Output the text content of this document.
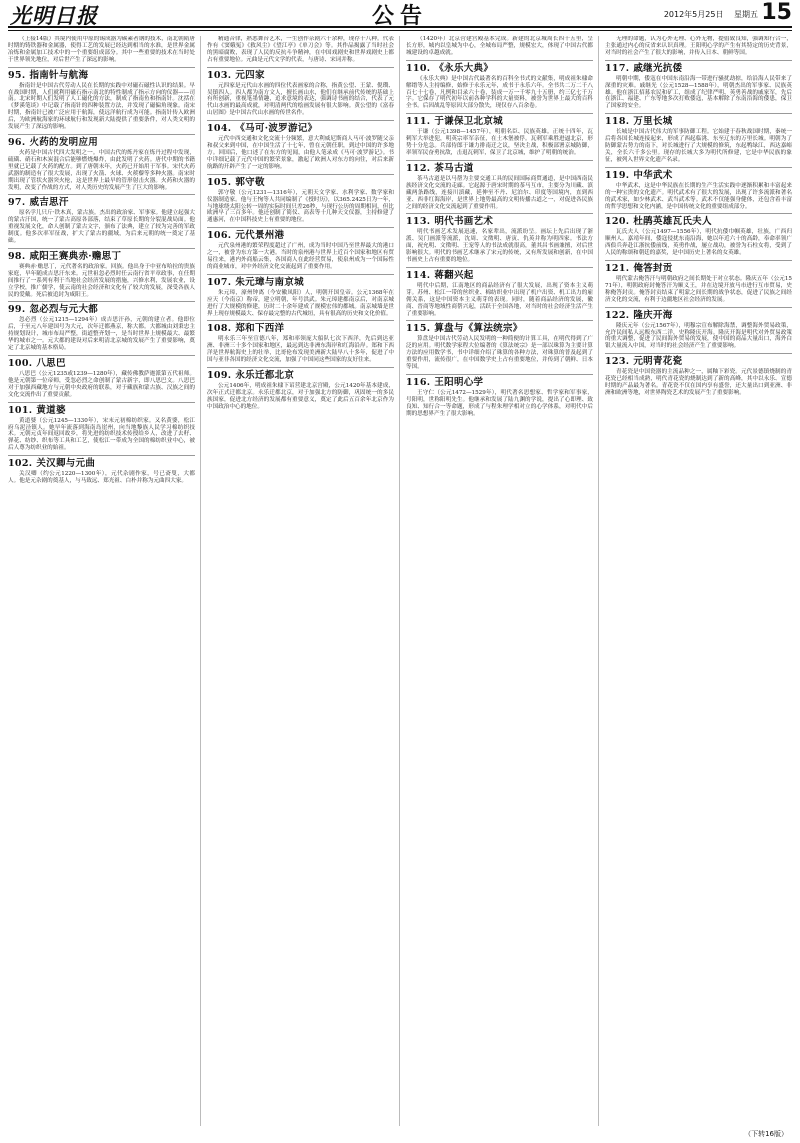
光明日报	公告	2012年5月25日 星期五 15

（上接14版）其境内使用中原的锡成器为碳素者钢的技术，南北朝隋唐时期的铸铁器和金属器，使得工艺的发展已经达到相当的水准，是世界金属冶炼和金属加工技术中的一个重要组成部分。其中一些重要的技术在当时处于世界领先地位，对后世产生了深远的影响。

95. 指南针与航海

指南针是中国古代劳动人民在长期的实践中对磁石磁性认识的结果。早在战国时期，人们就利用磁石指示南北的特性制成了指示方向的仪器——司南。北宋时期人们发明了人工磁化的方法，制成了指南鱼和指南针。沈括在《梦溪笔谈》中记载了指南针的四种装置方法，并发现了磁偏角现象。南宋时期，指南针已被广泛应用于航海，使远洋航行成为可能。指南针传入欧洲后，为欧洲航海家的环球航行和发现新大陆提供了重要条件，对人类文明的发展产生了深远的影响。

96. 火药的发明应用

火药是中国古代四大发明之一。中国古代的炼丹家在炼丹过程中发现，硫磺、硝石和木炭混合后能够燃烧爆炸，由此发明了火药。唐代中期的书籍里就已记载了火药的配方。到了唐朝末年，火药已开始用于军事。宋代火药武器的制造有了很大发展，出现了火箭、火球、火蒺藜等多种火器。南宋时期出现了管状火器突火枪，这是世界上最早的管形射击火器。火药和火器的发明，改变了作战的方式，对人类历史的发展产生了巨大的影响。

97. 威吉思汗

原名孛儿只斤·铁木真，蒙古族。杰出的政治家、军事家。他建立起强大的蒙古汗国，统一了蒙古高原各部落，结束了草原长期的分裂混战局面。他重视发展文化，命人创制了蒙古文字，颁布了法典，建立了较为完善的军政制度。他多次率军征战，扩大了蒙古的疆域，为后来元朝的统一奠定了基础。

98. 咸阳王赛典赤·赡思丁

赛典赤·赡思丁，元代著名的政治家。回族。他出身于中亚布哈拉的贵族家庭，早年随成吉思汗东来。元世祖忽必烈时任云南行省平章政事，在任期间推行了一系列有利于当地社会经济发展的措施，兴修水利，发展农业，设立学校，推广儒学，使云南的社会经济和文化有了较大的发展，深受各族人民的爱戴。死后被追封为咸阳王。

99. 忽必烈与元大都

忽必烈（公元1215—1294年）成吉思汗孙，元朝的建立者。他即位后，于至元八年建国号为大元，次年迁都燕京，称大都。大都城由刘秉忠主持规划设计，城市布局严整，街道整齐划一，是当时世界上规模最大、最繁华的城市之一。元大都的建设对后来明清北京城的发展产生了重要影响，奠定了北京城的基本格局。

100. 八思巴

八思巴（公元1235或1239—1280年），藏传佛教萨迦派第五代祖师。他是元朝第一位帝师，受忽必烈之命创制了蒙古新字，即八思巴文。八思巴对于加强西藏地方与元朝中央政府的联系，对于藏族和蒙古族、汉族之间的文化交流作出了重要贡献。

101. 黄道婆

黄道婆（公元1245—1330年），宋末元初棉纺织家。又名黄婆，松江府乌泥泾镇人。她早年流落到海南岛崖州，向当地黎族人民学习棉纺织技术。元朝元贞年间返回故乡，将先进的纺织技术传授给乡人，改进了去籽、弹花、纺纱、织布等工具和工艺，使松江一带成为全国的棉纺织业中心，被后人尊为纺织业的始祖。

102. 关汉卿与元曲

关汉卿（约公元1220—1300年），元代杂剧作家，号已斋叟，大都人。他是元杂剧的奠基人，与马致远、郑光祖、白朴并称为元曲四大家。

精通音律，熟悉舞台艺术，一生创作杂剧六十余种，现存十八种。代表作有《窦娥冤》《救风尘》《望江亭》《单刀会》等。其作品揭露了当时社会的黑暗腐败，表现了人民的反抗斗争精神，在中国戏剧史和世界戏剧史上都占有重要地位。元曲是元代文学的代表，与唐诗、宋词并称。

103. 元四家

元四家是元代山水画的四位代表画家的合称，指黄公望、王蒙、倪瓒、吴镇四人。四人都为南方文人，擅长画山水，他们在继承前代传统的基础上有所创新，重视笔墨情趣，追求意境的表达，强调诗书画的结合，代表了元代山水画的最高成就，对明清两代的绘画发展有很大影响。黄公望的《富春山居图》是中国古代山水画的传世名作。

104. 《马可·波罗游记》

元代中西交通和文化交流十分频繁，意大利威尼斯商人马可·波罗随父亲和叔父来到中国，在中国生活了十七年，曾在元朝任职，到过中国的许多地方。回国后，他口述了在东方的见闻，由他人笔录成《马可·波罗游记》。书中详细记载了元代中国的繁荣景象，激起了欧洲人对东方的向往，对后来新航路的开辟产生了一定的影响。

105. 郭守敬

郭守敬（公元1231—1316年），元朝天文学家、水利学家、数学家和仪器制造家。他与王恂等人共同编制了《授时历》，以365.2425日为一年，与地球绕太阳公转一周的实际时间只差26秒，与现行公历的周期相同，但比欧洲早了三百多年。他还创制了简仪、高表等十几种天文仪器，主持修建了通惠河，在中国科技史上有重要的地位。

106. 元代景州港

元代泉州港的繁荣程度超过了广州，成为当时中国乃至世界最大的港口之一，被誉为东方第一大港。当时的泉州港与世界上近百个国家和地区有贸易往来，港内外商船云集，各国商人在此经营贸易，使泉州成为一个国际性的商业城市，对中外经济文化交流起到了重要作用。

107. 朱元璋与南京城

朱元璋，濠州钟离（今安徽凤阳）人，明朝开国皇帝。公元1368年在应天（今南京）称帝，建立明朝，年号洪武。朱元璋建都南京后，对南京城进行了大规模的修建，历时二十余年建成了规模宏伟的都城。南京城墙是世界上现存规模最大、保存最完整的古代城垣，具有很高的历史和文化价值。

108. 郑和下西洋

明永乐三年至宣德八年，郑和率领庞大船队七次下西洋，先后到达亚洲、非洲三十多个国家和地区，最远到达非洲东海岸和红海沿岸。郑和下西洋是世界航海史上的壮举，比哥伦布发现美洲新大陆早八十多年，促进了中国与亚非各国的经济文化交流，加强了中国同这些国家的友好往来。

109. 永乐迁都北京

公元1406年，明成祖朱棣下诏营建北京宫殿，公元1420年基本建成，次年正式迁都北京。永乐迁都北京，对于加强北方的防御，巩固统一的多民族国家，促进北方经济的发展都有重要意义，奠定了此后五百余年北京作为中国政治中心的地位。

（1420年）北京营建宫殿基本完成。新建的北京城周长四十五里，呈长方形，城内以皇城为中心，全城布局严整，规模宏大，体现了中国古代都城建设的卓越成就。

110. 《永乐大典》

《永乐大典》是中国古代最著名的百科全书式的文献集，明成祖朱棣命解缙等人主持编修，始修于永乐元年，成书于永乐六年。全书共二万二千八百七十七卷，凡例和目录六十卷，装成一万一千零九十五册，约三亿七千万字。它保存了明代初年以前各种学科的大量资料，被誉为世界上最大的百科全书。后因战乱等原因大部分散失，现仅存八百余卷。

111. 于谦保卫北京城

于谦（公元1398—1457年），明朝名臣、民族英雄。正统十四年，瓦剌军大举进犯，明英宗率军亲征，在土木堡被俘。瓦剌军乘胜进逼北京，形势十分危急。兵部侍郎于谦力排南迁之议，坚决主战，积极部署京城防御，率领军民奋勇抗敌，击退瓦剌军，保卫了北京城，维护了明朝的统治。

112. 茶马古道

茶马古道是以马帮为主要交通工具的民间国际商贸通道，是中国西南民族经济文化交流的走廊。它起源于唐宋时期的茶马互市，主要分为川藏、滇藏两条路线，连接川滇藏，延伸至不丹、尼泊尔、印度等国境内，直到西亚、西非红海海岸，是世界上地势最高的文明传播古道之一，对促进各民族之间的经济文化交流起到了重要作用。

113. 明代书画艺术

明代书画艺术发展迅速，名家辈出，流派纷呈。画坛上先后出现了浙派、吴门画派等流派，沈周、文徵明、唐寅、仇英并称为明四家。书法方面，祝允明、文徵明、王宠等人的书法成就很高，董其昌书画兼擅，对后世影响很大。明代的书画艺术继承了宋元的传统，又有所发展和创新，在中国书画史上占有重要的地位。

114. 蒋翻兴起

明代中后期，江南地区的商品经济有了很大发展，出现了资本主义萌芽。苏州、松江一带的丝织业、棉纺织业中出现了机户出资、机工出力的雇佣关系，这是中国资本主义萌芽的表现。同时，随着商品经济的发展，徽商、晋商等地域性商帮兴起，活跃于全国各地，对当时的社会经济生活产生了重要影响。

115. 算盘与《算法统宗》

算盘是中国古代劳动人民发明的一种简便的计算工具，在明代得到了广泛的应用。明代数学家程大位编著的《算法统宗》是一部以珠算为主要计算方法的应用数学书，书中详细介绍了珠算的各种方法，对珠算的普及起到了重要作用，流传很广，在中国数学史上占有重要地位，并传到了朝鲜、日本等国。

116. 王阳明心学

王守仁（公元1472—1529年），明代著名思想家、哲学家和军事家，号阳明，世称阳明先生。他继承和发展了陆九渊的学说，提出了心即理、致良知、知行合一等命题，形成了与程朱理学相对立的心学体系，对明代中后期的思想界产生了很大影响。

无理的命题，认为心外无理、心外无物，提倡致良知，强调知行合一，主张通过内心的反省来认识真理。王阳明心学的产生有其特定的历史背景，对当时的社会产生了很大的影响，并传入日本、朝鲜等国。

117. 戚继光抗倭

明朝中期，倭寇在中国东南沿海一带进行骚扰劫掠，给沿海人民带来了深重的灾难。戚继光（公元1528—1588年），明朝杰出的军事家、民族英雄。他在浙江招募农民和矿工，组成了纪律严明、英勇善战的戚家军，先后在浙江、福建、广东等地多次打败倭寇，基本解除了东南沿海的倭患，保卫了国家的安全。

118. 万里长城

长城是中国古代伟大的军事防御工程。它始建于春秋战国时期，秦统一后将各国长城连接起来，形成了西起临洮、东至辽东的万里长城。明朝为了防御蒙古势力的南下，对长城进行了大规模的修筑，东起鸭绿江，西达嘉峪关，全长六千多公里。现存的长城大多为明代所修建，它是中华民族的象征，被列入世界文化遗产名录。

119. 中华武术

中华武术，这是中华民族在长期的生产生活实践中逐渐积累和丰富起来的一种宝贵的文化遗产。明代武术有了很大的发展，出现了许多流派和著名的武术家，如少林武术、武当武术等。武术不仅能强身健体，还包含着丰富的哲学思想和文化内涵，是中国传统文化的重要组成部分。

120. 杜鹃英雄瓦氏夫人

瓦氏夫人（公元1497—1556年），明代抗倭巾帼英雄，壮族，广西归顺州人。嘉靖年间，倭寇侵扰东南沿海，她以年近六十的高龄，奉命率领广西俍兵奔赴江浙抗倭前线，英勇作战，屡立战功，被誉为石柱女将，受到了人民的称颂和朝廷的嘉奖，是中国历史上著名的女英雄。

121. 俺答封贡

明代蒙古俺答汗与明朝政府之间长期处于对立状态。隆庆五年（公元1571年），明朝政府封俺答汗为顺义王，并在边境开放马市进行互市贸易，史称俺答封贡。俺答封贡结束了明蒙之间长期的战争状态，促进了民族之间经济文化的交流，有利于边疆地区社会经济的发展。

122. 隆庆开海

隆庆元年（公元1567年），明穆宗宣布解除海禁，调整海外贸易政策，允许民间私人远贩东西二洋，史称隆庆开海。隆庆开海是明代对外贸易政策的重大调整，促进了民间海外贸易的发展，使中国的商品大量出口，海外白银大量流入中国，对当时的社会经济产生了重要影响。

123. 元明青花瓷

青花瓷是中国瓷器的主流品种之一，属釉下彩瓷。元代景德镇烧制的青花瓷已经相当成熟，明代青花瓷的烧制达到了新的高峰，其中以永乐、宣德时期的产品最为著名。青花瓷不仅在国内享有盛誉，还大量出口到亚洲、非洲和欧洲等地，对世界陶瓷艺术的发展产生了重要影响。

（下转16版）
